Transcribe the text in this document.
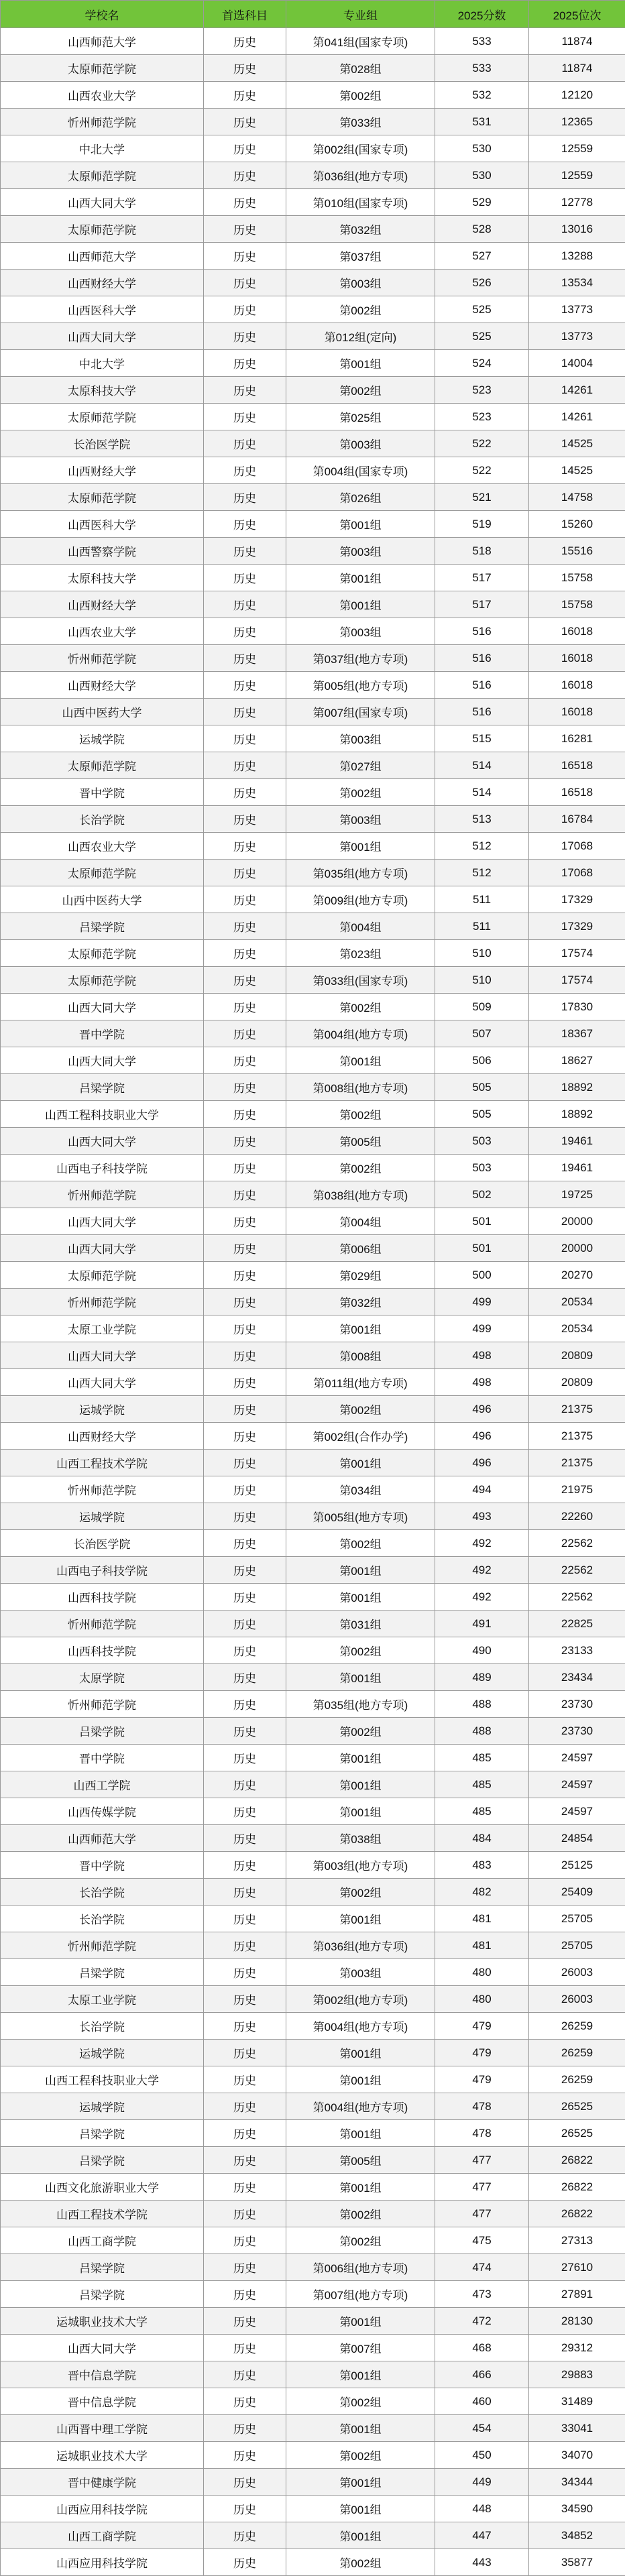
学校名	首选科目	专业组	2025分数	2025位次
山西师范大学	历史	第041组(国家专项)	533	11874
太原师范学院	历史	第028组	533	11874
山西农业大学	历史	第002组	532	12120
忻州师范学院	历史	第033组	531	12365
中北大学	历史	第002组(国家专项)	530	12559
太原师范学院	历史	第036组(地方专项)	530	12559
山西大同大学	历史	第010组(国家专项)	529	12778
太原师范学院	历史	第032组	528	13016
山西师范大学	历史	第037组	527	13288
山西财经大学	历史	第003组	526	13534
山西医科大学	历史	第002组	525	13773
山西大同大学	历史	第012组(定向)	525	13773
中北大学	历史	第001组	524	14004
太原科技大学	历史	第002组	523	14261
太原师范学院	历史	第025组	523	14261
长治医学院	历史	第003组	522	14525
山西财经大学	历史	第004组(国家专项)	522	14525
太原师范学院	历史	第026组	521	14758
山西医科大学	历史	第001组	519	15260
山西警察学院	历史	第003组	518	15516
太原科技大学	历史	第001组	517	15758
山西财经大学	历史	第001组	517	15758
山西农业大学	历史	第003组	516	16018
忻州师范学院	历史	第037组(地方专项)	516	16018
山西财经大学	历史	第005组(地方专项)	516	16018
山西中医药大学	历史	第007组(国家专项)	516	16018
运城学院	历史	第003组	515	16281
太原师范学院	历史	第027组	514	16518
晋中学院	历史	第002组	514	16518
长治学院	历史	第003组	513	16784
山西农业大学	历史	第001组	512	17068
太原师范学院	历史	第035组(地方专项)	512	17068
山西中医药大学	历史	第009组(地方专项)	511	17329
吕梁学院	历史	第004组	511	17329
太原师范学院	历史	第023组	510	17574
太原师范学院	历史	第033组(国家专项)	510	17574
山西大同大学	历史	第002组	509	17830
晋中学院	历史	第004组(地方专项)	507	18367
山西大同大学	历史	第001组	506	18627
吕梁学院	历史	第008组(地方专项)	505	18892
山西工程科技职业大学	历史	第002组	505	18892
山西大同大学	历史	第005组	503	19461
山西电子科技学院	历史	第002组	503	19461
忻州师范学院	历史	第038组(地方专项)	502	19725
山西大同大学	历史	第004组	501	20000
山西大同大学	历史	第006组	501	20000
太原师范学院	历史	第029组	500	20270
忻州师范学院	历史	第032组	499	20534
太原工业学院	历史	第001组	499	20534
山西大同大学	历史	第008组	498	20809
山西大同大学	历史	第011组(地方专项)	498	20809
运城学院	历史	第002组	496	21375
山西财经大学	历史	第002组(合作办学)	496	21375
山西工程技术学院	历史	第001组	496	21375
忻州师范学院	历史	第034组	494	21975
运城学院	历史	第005组(地方专项)	493	22260
长治医学院	历史	第002组	492	22562
山西电子科技学院	历史	第001组	492	22562
山西科技学院	历史	第001组	492	22562
忻州师范学院	历史	第031组	491	22825
山西科技学院	历史	第002组	490	23133
太原学院	历史	第001组	489	23434
忻州师范学院	历史	第035组(地方专项)	488	23730
吕梁学院	历史	第002组	488	23730
晋中学院	历史	第001组	485	24597
山西工学院	历史	第001组	485	24597
山西传媒学院	历史	第001组	485	24597
山西师范大学	历史	第038组	484	24854
晋中学院	历史	第003组(地方专项)	483	25125
长治学院	历史	第002组	482	25409
长治学院	历史	第001组	481	25705
忻州师范学院	历史	第036组(地方专项)	481	25705
吕梁学院	历史	第003组	480	26003
太原工业学院	历史	第002组(地方专项)	480	26003
长治学院	历史	第004组(地方专项)	479	26259
运城学院	历史	第001组	479	26259
山西工程科技职业大学	历史	第001组	479	26259
运城学院	历史	第004组(地方专项)	478	26525
吕梁学院	历史	第001组	478	26525
吕梁学院	历史	第005组	477	26822
山西文化旅游职业大学	历史	第001组	477	26822
山西工程技术学院	历史	第002组	477	26822
山西工商学院	历史	第002组	475	27313
吕梁学院	历史	第006组(地方专项)	474	27610
吕梁学院	历史	第007组(地方专项)	473	27891
运城职业技术大学	历史	第001组	472	28130
山西大同大学	历史	第007组	468	29312
晋中信息学院	历史	第001组	466	29883
晋中信息学院	历史	第002组	460	31489
山西晋中理工学院	历史	第001组	454	33041
运城职业技术大学	历史	第002组	450	34070
晋中健康学院	历史	第001组	449	34344
山西应用科技学院	历史	第001组	448	34590
山西工商学院	历史	第001组	447	34852
山西应用科技学院	历史	第002组	443	35877
